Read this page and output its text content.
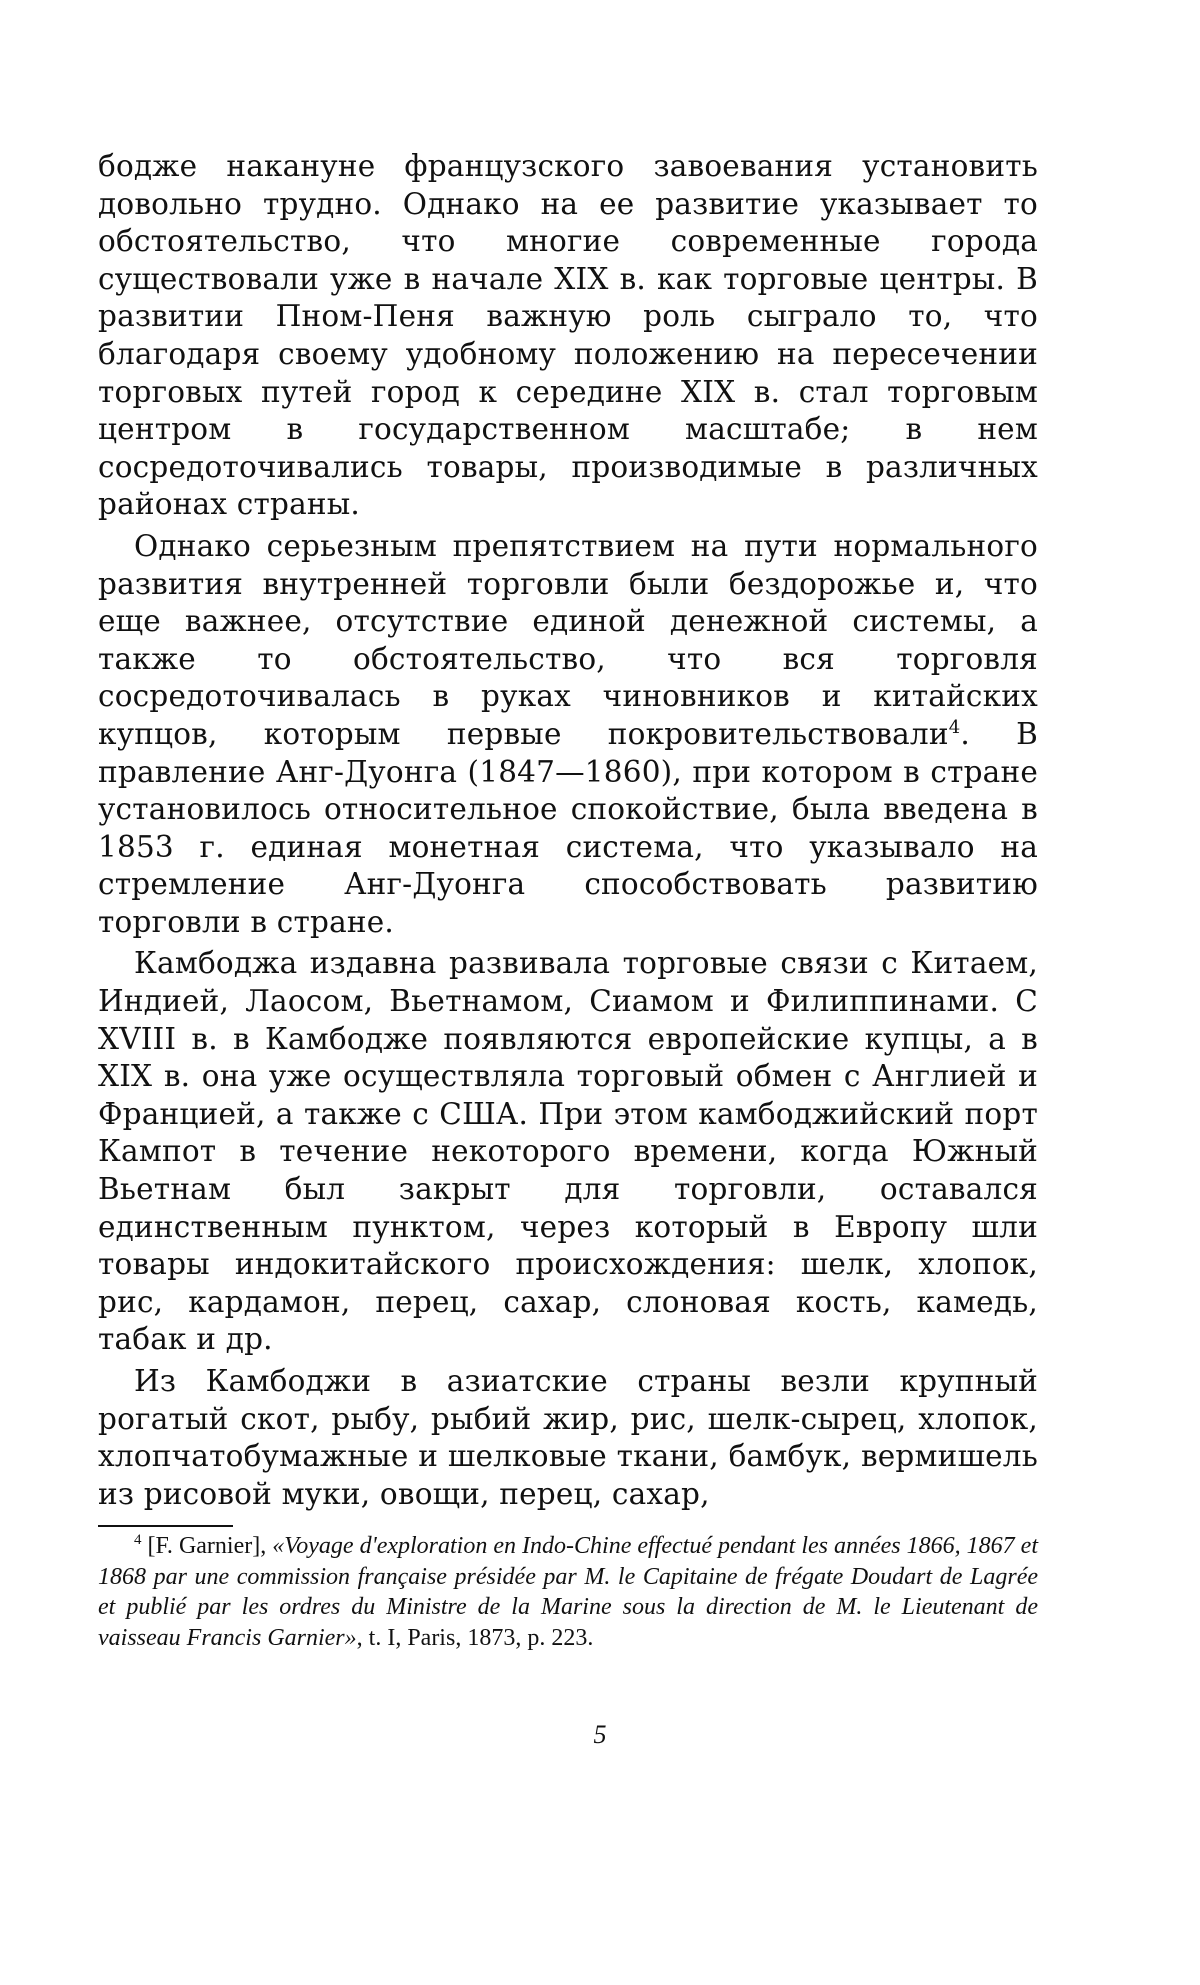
бодже накануне французского завоевания установить довольно трудно. Однако на ее развитие указывает то обстоятельство, что многие современные города существовали уже в начале XIX в. как торговые центры. В развитии Пном-Пеня важную роль сыграло то, что благодаря своему удобному положению на пересечении торговых путей город к середине XIX в. стал торговым центром в государственном масштабе; в нем сосредоточивались товары, производимые в различных районах страны.

Однако серьезным препятствием на пути нормального развития внутренней торговли были бездорожье и, что еще важнее, отсутствие единой денежной системы, а также то обстоятельство, что вся торговля сосредоточивалась в руках чиновников и китайских купцов, которым первые покровительствовали$^4$. В правление Анг-Дуонга (1847—1860), при котором в стране установилось относительное спокойствие, была введена в 1853 г. единая монетная система, что указывало на стремление Анг-Дуонга способствовать развитию торговли в стране.

Камбоджа издавна развивала торговые связи с Китаем, Индией, Лаосом, Вьетнамом, Сиамом и Филиппинами. С XVIII в. в Камбодже появляются европейские купцы, а в XIX в. она уже осуществляла торговый обмен с Англией и Францией, а также с США. При этом камбоджийский порт Кампот в течение некоторого времени, когда Южный Вьетнам был закрыт для торговли, оставался единственным пунктом, через который в Европу шли товары индокитайского происхождения: шелк, хлопок, рис, кардамон, перец, сахар, слоновая кость, камедь, табак и др.

Из Камбоджи в азиатские страны везли крупный рогатый скот, рыбу, рыбий жир, рис, шелк-сырец, хлопок, хлопчатобумажные и шелковые ткани, бамбук, вермишель из рисовой муки, овощи, перец, сахар,

$^4$ [F. Garnier], «Voyage d'exploration en Indo-Chine effectué pendant les années 1866, 1867 et 1868 par une commission française présidée par M. le Capitaine de frégate Doudart de Lagrée et publié par les ordres du Ministre de la Marine sous la direction de M. le Lieutenant de vaisseau Francis Garnier», t. I, Paris, 1873, p. 223.

5
